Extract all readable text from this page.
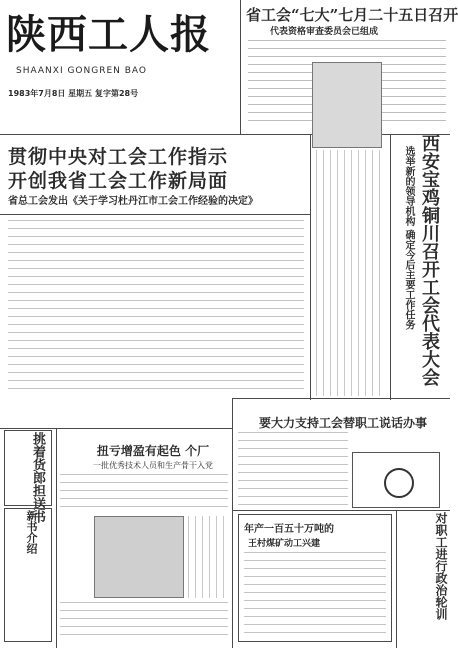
陕西工人报
SHAANXI GONGREN BAO
1983年7月8日 星期五 复字第28号
省工会“七大”七月二十五日召开
代表资格审查委员会已组成
贯彻中央对工会工作指示
开创我省工会工作新局面
省总工会发出《关于学习杜丹江市工会工作经验的决定》	选举新的领导机构 确定今后主要工作任务 西安宝鸡铜川召开工会代表大会
要大力支持工会替职工说话办事
挑着货郎担送书
新书介绍
扭亏增盈有起色 个厂
一批优秀技术人员和生产骨干入党
年产一百五十万吨的
王村煤矿动工兴建	对职工进行政治轮训
